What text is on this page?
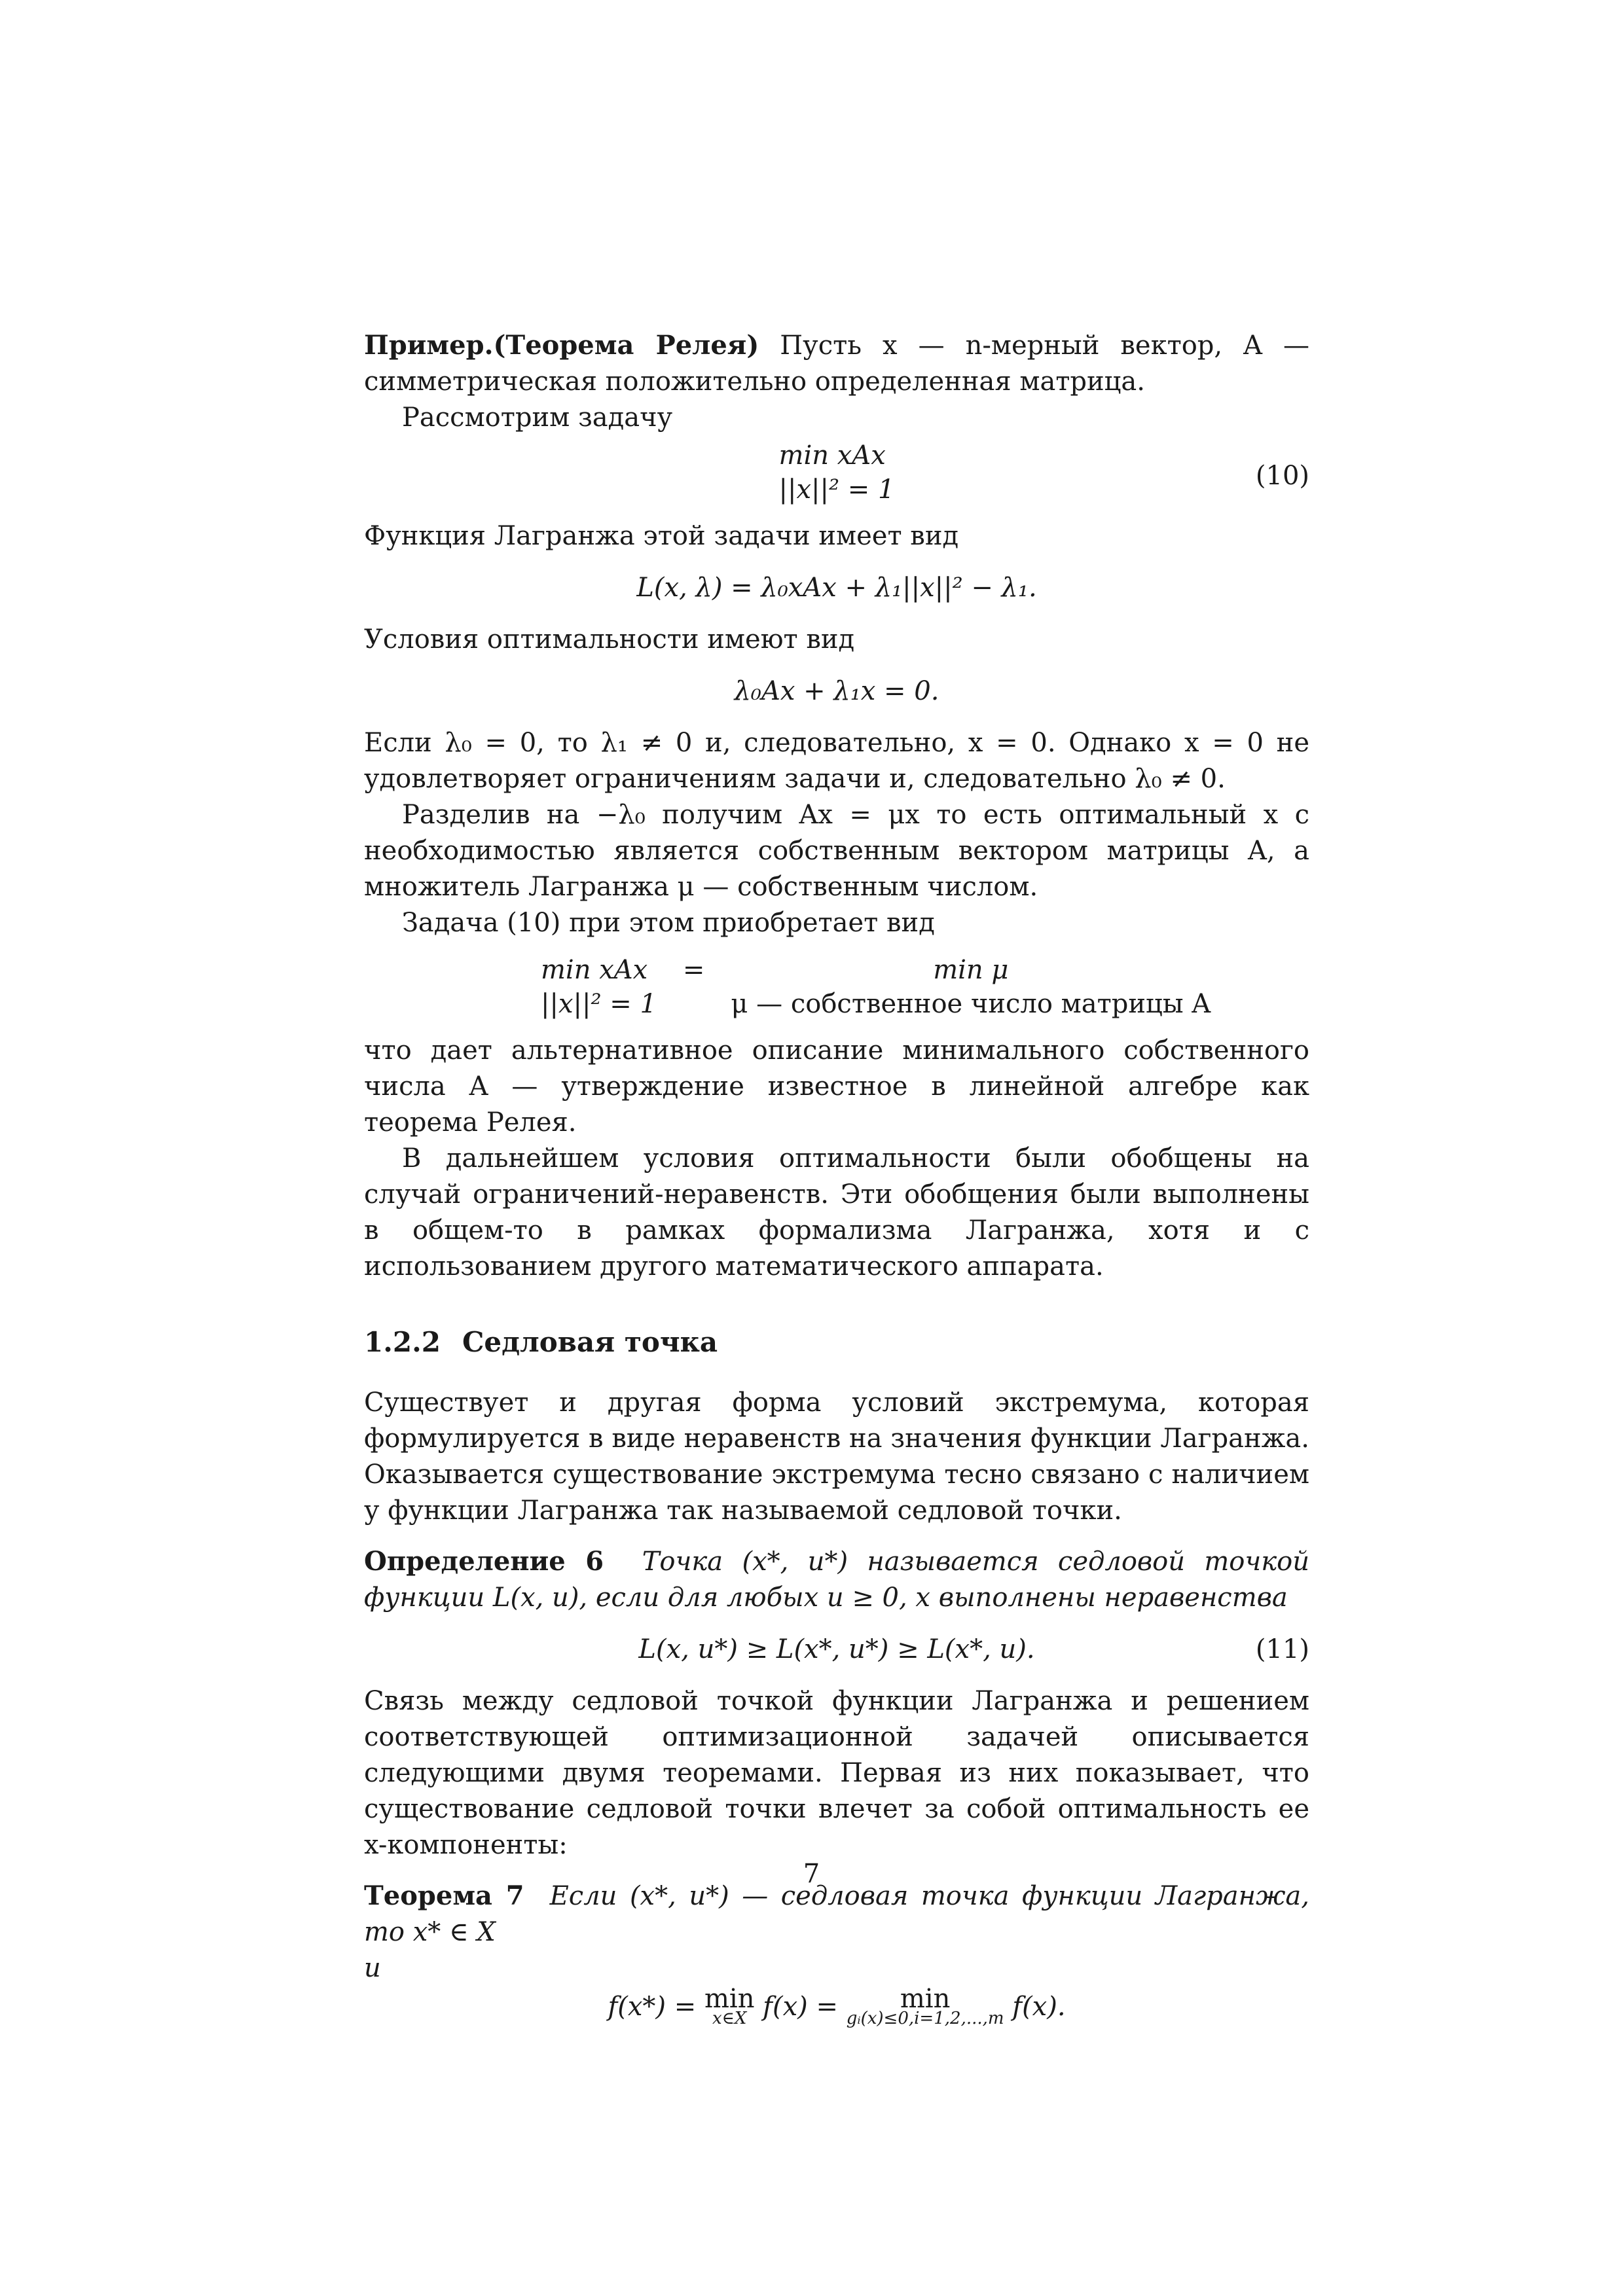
Пример.(Теорема Релея) Пусть x — n-мерный вектор, A — симметрическая положительно определенная матрица.

Рассмотрим задачу

min xAx
||x||² = 1	(10)

Функция Лагранжа этой задачи имеет вид

L(x, λ) = λ₀xAx + λ₁||x||² − λ₁.

Условия оптимальности имеют вид

λ₀Ax + λ₁x = 0.

Если λ₀ = 0, то λ₁ ≠ 0 и, следовательно, x = 0. Однако x = 0 не удовлетворяет ограничениям задачи и, следовательно λ₀ ≠ 0.

Разделив на −λ₀ получим Ax = μx то есть оптимальный x с необходимостью является собственным вектором матрицы A, а множитель Лагранжа μ — собственным числом.

Задача (10) при этом приобретает вид

min xAx	=	min μ
||x||² = 1		μ — собственное число матрицы A

что дает альтернативное описание минимального собственного числа A — утверждение известное в линейной алгебре как теорема Релея.

В дальнейшем условия оптимальности были обобщены на случай ограничений-неравенств. Эти обобщения были выполнены в общем-то в рамках формализма Лагранжа, хотя и с использованием другого математического аппарата.

1.2.2 Седловая точка

Существует и другая форма условий экстремума, которая формулируется в виде неравенств на значения функции Лагранжа. Оказывается существование экстремума тесно связано с наличием у функции Лагранжа так называемой седловой точки.

Определение 6 Точка (x*, u*) называется седловой точкой функции L(x, u), если для любых u ≥ 0, x выполнены неравенства

L(x, u*) ≥ L(x*, u*) ≥ L(x*, u).	(11)

Связь между седловой точкой функции Лагранжа и решением соответствующей оптимизационной задачей описывается следующими двумя теоремами. Первая из них показывает, что существование седловой точки влечет за собой оптимальность ее x-компоненты:

Теорема 7 Если (x*, u*) — седловая точка функции Лагранжа, то x* ∈ X
и

f(x*) = min
x∈X f(x) = min
gᵢ(x)≤0,i=1,2,...,m f(x).
7
